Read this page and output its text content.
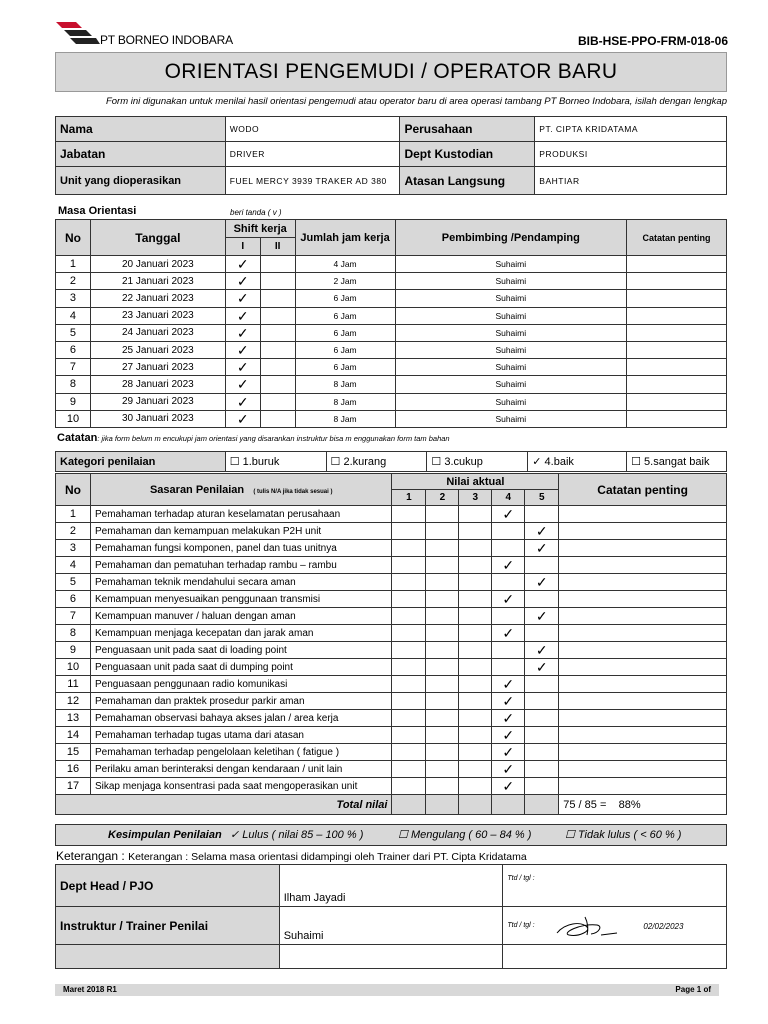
PT BORNEO INDOBARA	BIB-HSE-PPO-FRM-018-06
ORIENTASI PENGEMUDI / OPERATOR BARU
Form ini digunakan untuk menilai hasil orientasi pengemudi atau operator baru di area operasi tambang PT Borneo Indobara, isilah dengan lengkap
Nama	WODO	Perusahaan	PT. CIPTA KRIDATAMA
Jabatan	DRIVER	Dept Kustodian	PRODUKSI
Unit yang dioperasikan	FUEL MERCY 3939 TRAKER AD 380	Atasan Langsung	BAHTIAR
Masa Orientasi	beri tanda ( v )
No	Tanggal	Shift kerja		Jumlah jam kerja	Pembimbing /Pendamping	Catatan penting
		I	II			
1	20 Januari 2023	✓		4 Jam	Suhaimi	
2	21 Januari 2023	✓		2 Jam	Suhaimi	
3	22 Januari 2023	✓		6 Jam	Suhaimi	
4	23 Januari 2023	✓		6 Jam	Suhaimi	
5	24 Januari 2023	✓		6 Jam	Suhaimi	
6	25 Januari 2023	✓		6 Jam	Suhaimi	
7	27 Januari 2023	✓		6 Jam	Suhaimi	
8	28 Januari 2023	✓		8 Jam	Suhaimi	
9	29 Januari 2023	✓		8 Jam	Suhaimi	
10	30 Januari 2023	✓		8 Jam	Suhaimi	
Catatan: jika form belum m encukupi jam orientasi yang disarankan instruktur bisa m enggunakan form tam bahan
Kategori penilaian	☐ 1.buruk	☐ 2.kurang	☐ 3.cukup	✓ 4.baik	☐ 5.sangat baik
No	Sasaran Penilaian ( tulis N/A jika tidak sesuai )	Nilai aktual					Catatan penting
		1	2	3	4	5	
1	Pemahaman terhadap aturan keselamatan perusahaan				✓		
2	Pemahaman dan kemampuan melakukan P2H unit					✓	
3	Pemahaman fungsi komponen, panel dan tuas unitnya					✓	
4	Pemahaman dan pematuhan terhadap rambu – rambu				✓		
5	Pemahaman teknik mendahului secara aman					✓	
6	Kemampuan menyesuaikan penggunaan transmisi				✓		
7	Kemampuan manuver / haluan dengan aman					✓	
8	Kemampuan menjaga kecepatan dan jarak aman				✓		
9	Penguasaan unit pada saat di loading point					✓	
10	Penguasaan unit pada saat di dumping point					✓	
11	Penguasaan penggunaan radio komunikasi				✓		
12	Pemahaman dan praktek prosedur parkir aman				✓		
13	Pemahaman observasi bahaya akses jalan / area kerja				✓		
14	Pemahaman terhadap tugas utama dari atasan				✓		
15	Pemahaman terhadap pengelolaan keletihan ( fatigue )				✓		
16	Perilaku aman berinteraksi dengan kendaraan / unit lain				✓		
17	Sikap menjaga konsentrasi pada saat mengoperasikan unit				✓		
Total nilai							75 / 85 = 88%
Kesimpulan Penilaian ✓ Lulus ( nilai 85 – 100 % )	☐ Mengulang ( 60 – 84 % )	☐ Tidak lulus ( < 60 % )
Keterangan : Keterangan : Selama masa orientasi didampingi oleh Trainer dari PT. Cipta Kridatama
Dept Head / PJO	Ilham Jayadi	Ttd / tgl :
Instruktur / Trainer Penilai	Suhaimi	Ttd / tgl : 02/02/2023

Maret 2018 R1	Page 1 of
